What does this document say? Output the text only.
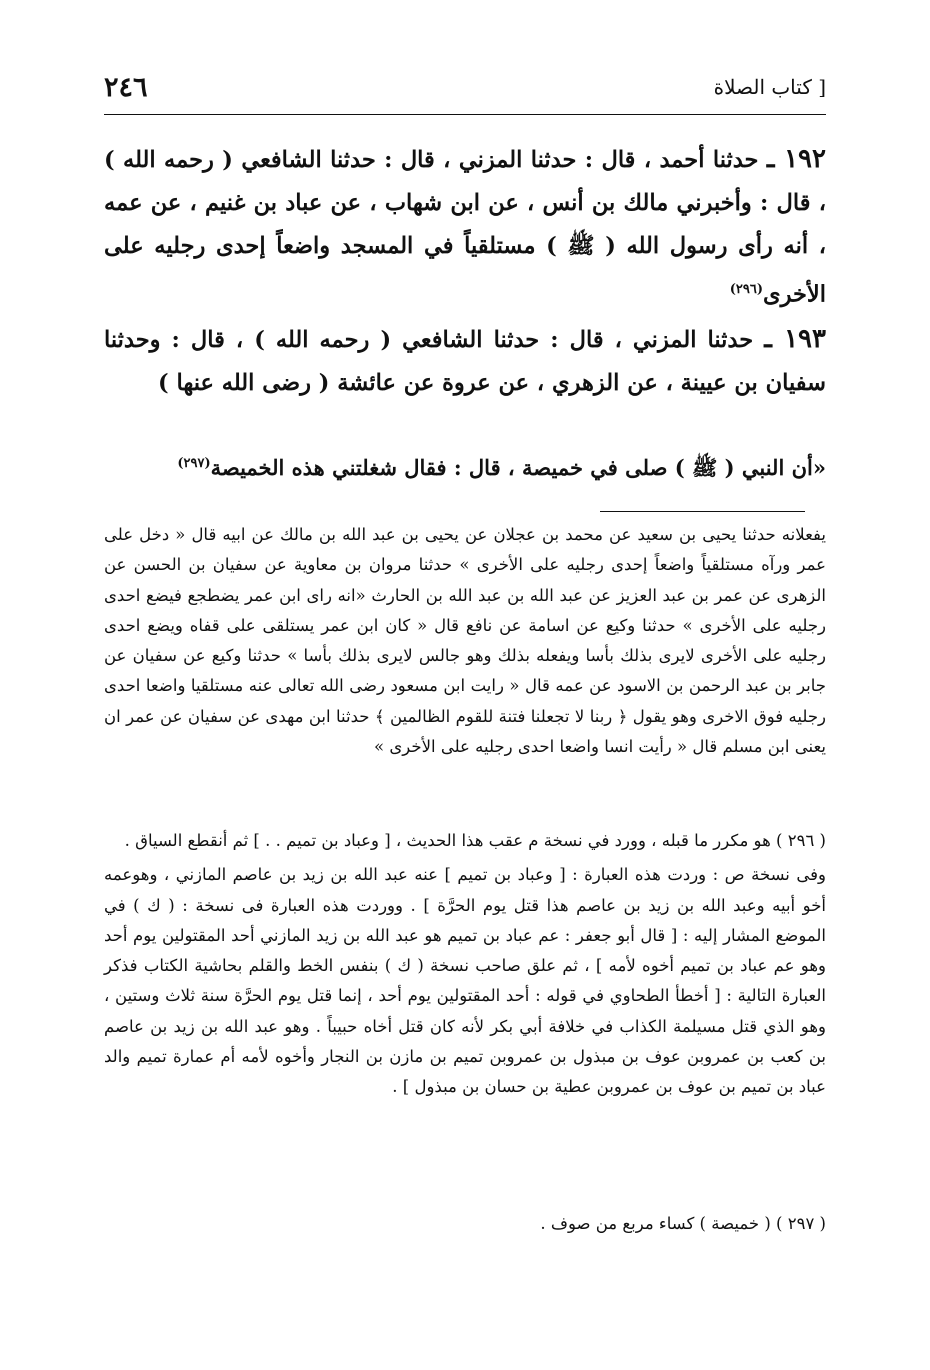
٢٤٦	[ كتاب الصلاة
١٩٢ ـ حدثنا أحمد ، قال : حدثنا المزني ، قال : حدثنا الشافعي ( رحمه الله ) ، قال : وأخبرني مالك بن أنس ، عن ابن شهاب ، عن عباد بن غنيم ، عن عمه ، أنه رأى رسول الله ( ﷺ ) مستلقياً في المسجد واضعاً إحدى رجليه على الأخرى$^{(٢٩٦)}$
١٩٣ ـ حدثنا المزني ، قال : حدثنا الشافعي ( رحمه الله ) ، قال : وحدثنا سفيان بن عيينة ، عن الزهري ، عن عروة عن عائشة ( رضى الله عنها )
«أن النبي ( ﷺ ) صلى في خميصة ، قال : فقال شغلتني هذه الخميصة$^{(٢٩٧)}$
يفعلانه حدثنا يحيى بن سعيد عن محمد بن عجلان عن يحيى بن عبد الله بن مالك عن ابيه قال « دخل على عمر ورآه مستلقياً واضعاً إحدى رجليه على الأخرى » حدثنا مروان بن معاوية عن سفيان بن الحسن عن الزهرى عن عمر بن عبد العزيز عن عبد الله بن عبد الله بن الحارث «انه راى ابن عمر يضطجع فيضع احدى رجليه على الأخرى » حدثنا وكيع عن اسامة عن نافع قال « كان ابن عمر يستلقى على قفاه ويضع احدى رجليه على الأخرى لايرى بذلك بأسا ويفعله بذلك وهو جالس لايرى بذلك بأسا » حدثنا وكيع عن سفيان عن جابر بن عبد الرحمن بن الاسود عن عمه قال « رايت ابن مسعود رضى الله تعالى عنه مستلقيا واضعا احدى رجليه فوق الاخرى وهو يقول ﴿ ربنا لا تجعلنا فتنة للقوم الظالمين ﴾ حدثنا ابن مهدى عن سفيان عن عمر ان يعنى ابن مسلم قال « رأيت انسا واضعا احدى رجليه على الأخرى »
( ٢٩٦ ) هو مكرر ما قبله ، وورد في نسخة م عقب هذا الحديث ، [ وعباد بن تميم . . ] ثم أنقطع السياق .
وفى نسخة ص : وردت هذه العبارة : [ وعباد بن تميم ] عنه عبد الله بن زيد بن عاصم المازني ، وهوعمه أخو أبيه وعبد الله بن زيد بن عاصم هذا قتل يوم الحرَّة ] . ووردت هذه العبارة فى نسخة : ( ك ) في الموضع المشار إليه : [ قال أبو جعفر : عم عباد بن تميم هو عبد الله بن زيد المازني أحد المقتولين يوم أحد وهو عم عباد بن تميم أخوه لأمه ] ، ثم علق صاحب نسخة ( ك ) بنفس الخط والقلم بحاشية الكتاب فذكر العبارة التالية : [ أخطأ الطحاوي في قوله : أحد المقتولين يوم أحد ، إنما قتل يوم الحرَّة سنة ثلاث وستين ، وهو الذي قتل مسيلمة الكذاب في خلافة أبي بكر لأنه كان قتل أخاه حبيباً . وهو عبد الله بن زيد بن عاصم بن كعب بن عمروبن عوف بن مبذول بن عمروبن تميم بن مازن بن النجار وأخوه لأمه أم عمارة تميم والد عباد بن تميم بن عوف بن عمروبن عطية بن حسان بن مبذول ] .
( ٢٩٧ ) ( خميصة ) كساء مربع من صوف .
